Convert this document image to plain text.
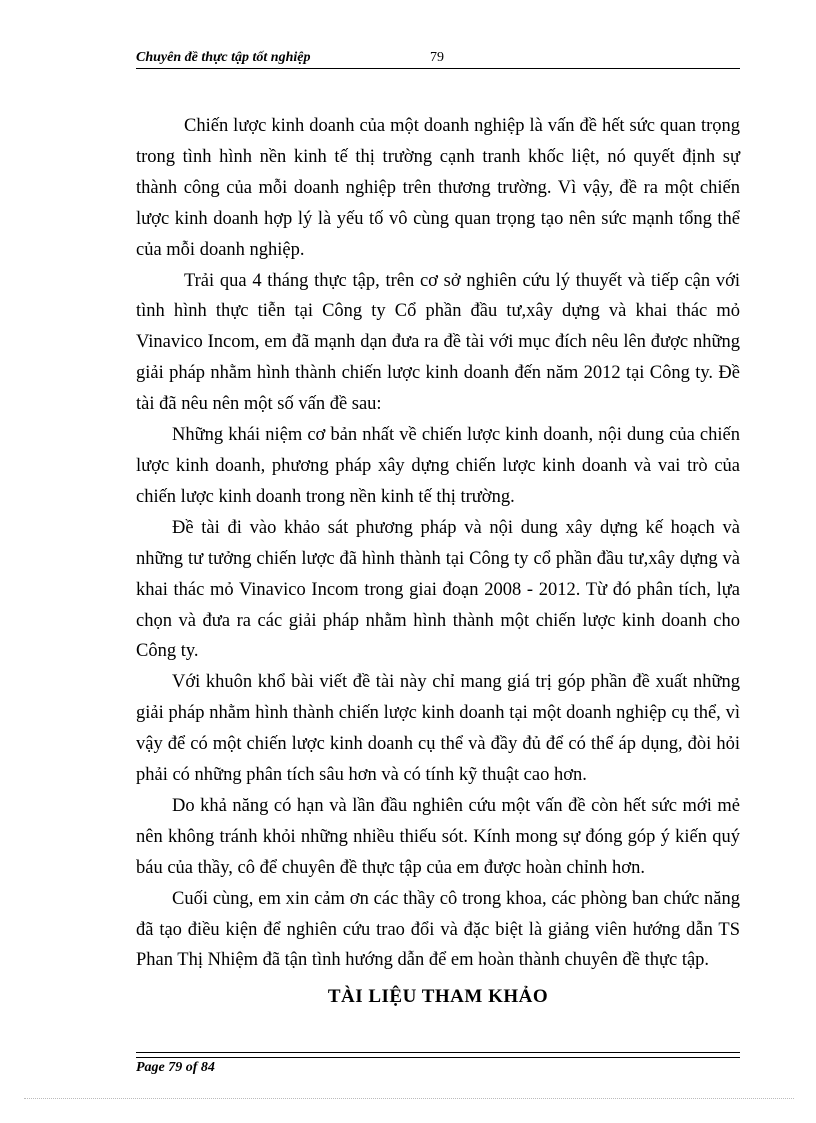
Chuyên đề thực tập tốt nghiệp	79

Chiến lược kinh doanh của một doanh nghiệp là vấn đề hết sức quan trọng trong tình hình nền kinh tế thị trường cạnh tranh khốc liệt, nó quyết định sự thành công của mỗi doanh nghiệp trên thương trường. Vì vậy, đề ra một chiến lược kinh doanh hợp lý là yếu tố vô cùng quan trọng tạo nên sức mạnh tổng thể của mỗi doanh nghiệp.

Trải qua 4 tháng thực tập, trên cơ sở nghiên cứu lý thuyết và tiếp cận với tình hình thực tiễn tại Công ty Cổ phần đầu tư,xây dựng và khai thác mỏ Vinavico Incom, em đã mạnh dạn đưa ra đề tài với mục đích nêu lên được những giải pháp nhằm hình thành chiến lược kinh doanh đến năm 2012 tại Công ty. Đề tài đã nêu nên một số vấn đề sau:

Những khái niệm cơ bản nhất về chiến lược kinh doanh, nội dung của chiến lược kinh doanh, phương pháp xây dựng chiến lược kinh doanh và vai trò của chiến lược kinh doanh trong nền kinh tế thị trường.

Đề tài đi vào khảo sát phương pháp và nội dung xây dựng kế hoạch và những tư tưởng chiến lược đã hình thành tại Công ty cổ phần đầu tư,xây dựng và khai thác mỏ Vinavico Incom trong giai đoạn 2008 - 2012. Từ đó phân tích, lựa chọn và đưa ra các giải pháp nhằm hình thành một chiến lược kinh doanh cho Công ty.

Với khuôn khổ bài viết đề tài này chỉ mang giá trị góp phần đề xuất những giải pháp nhằm hình thành chiến lược kinh doanh tại một doanh nghiệp cụ thể, vì vậy để có một chiến lược kinh doanh cụ thể và đầy đủ để có thể áp dụng, đòi hỏi phải có những phân tích sâu hơn và có tính kỹ thuật cao hơn.

Do khả năng có hạn và lần đầu nghiên cứu một vấn đề còn hết sức mới mẻ nên không tránh khỏi những nhiều thiếu sót. Kính mong sự đóng góp ý kiến quý báu của thầy, cô để chuyên đề thực tập của em được hoàn chỉnh hơn.

Cuối cùng, em xin cảm ơn các thầy cô trong khoa, các phòng ban chức năng đã tạo điều kiện để nghiên cứu trao đổi và đặc biệt là giảng viên hướng dẫn TS Phan Thị Nhiệm đã tận tình hướng dẫn để em hoàn thành chuyên đề thực tập.

TÀI LIỆU THAM KHẢO

Page 79 of 84
